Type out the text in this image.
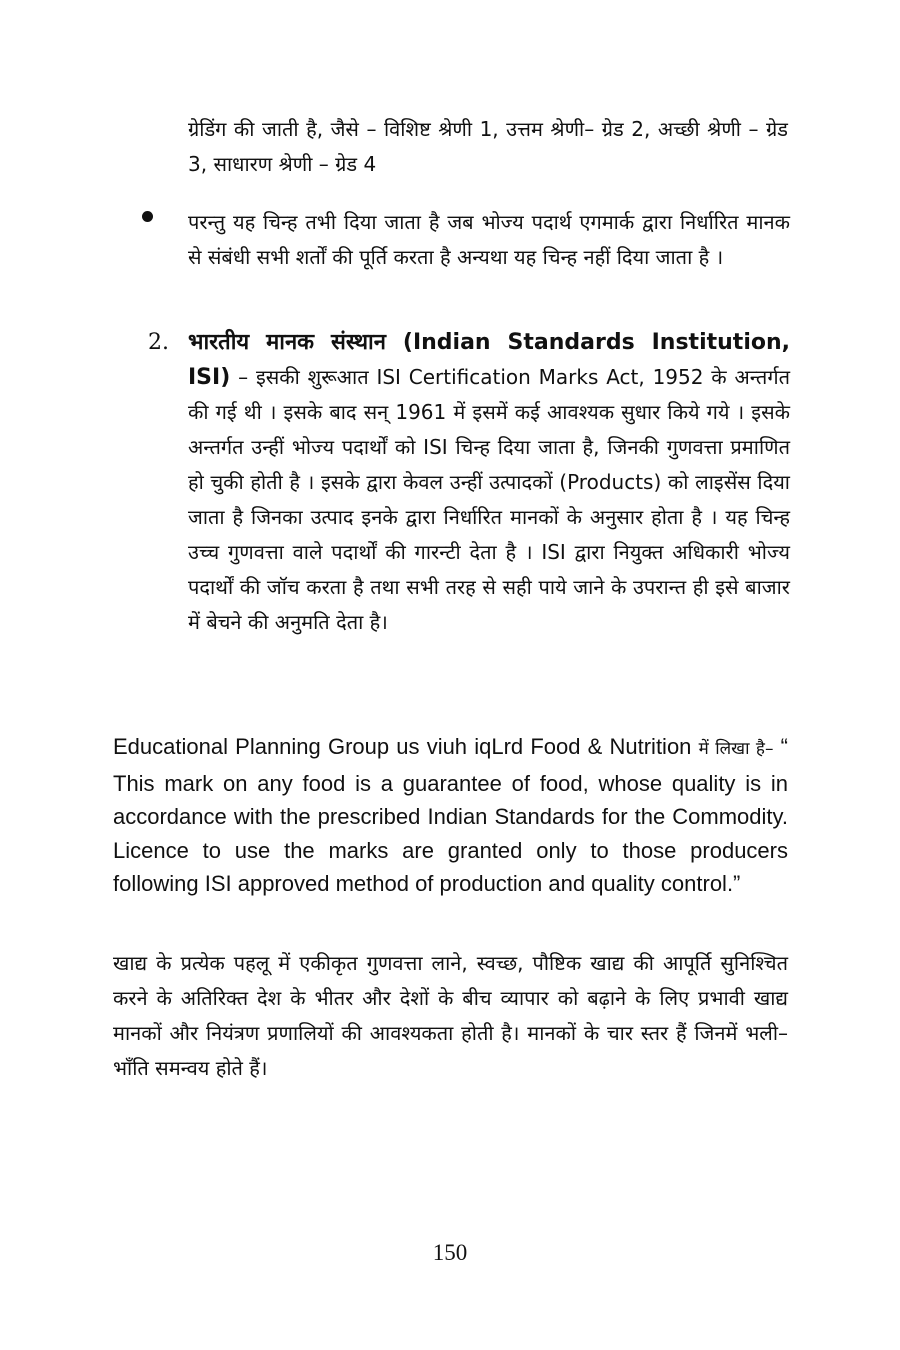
ग्रेडिंग की जाती है, जैसे – विशिष्ट श्रेणी 1, उत्तम श्रेणी– ग्रेड 2, अच्छी श्रेणी – ग्रेड 3, साधारण श्रेणी – ग्रेड 4

परन्तु यह चिन्ह तभी दिया जाता है जब भोज्य पदार्थ एगमार्क द्वारा निर्धारित मानक से संबंधी सभी शर्तों की पूर्ति करता है अन्यथा यह चिन्ह नहीं दिया जाता है ।

2. भारतीय मानक संस्थान (Indian Standards Institution, ISI) – इसकी शुरूआत ISI Certification Marks Act, 1952 के अन्तर्गत की गई थी । इसके बाद सन् 1961 में इसमें कई आवश्यक सुधार किये गये । इसके अन्तर्गत उन्हीं भोज्य पदार्थों को ISI चिन्ह दिया जाता है, जिनकी गुणवत्ता प्रमाणित हो चुकी होती है । इसके द्वारा केवल उन्हीं उत्पादकों (Products) को लाइसेंस दिया जाता है जिनका उत्पाद इनके द्वारा निर्धारित मानकों के अनुसार होता है । यह चिन्ह उच्च गुणवत्ता वाले पदार्थों की गारन्टी देता है । ISI द्वारा नियुक्त अधिकारी भोज्य पदार्थों की जॉच करता है तथा सभी तरह से सही पाये जाने के उपरान्त ही इसे बाजार में बेचने की अनुमति देता है।

Educational Planning Group us viuh iqLrd Food & Nutrition में लिखा है– “ This mark on any food is a guarantee of food, whose quality is in accordance with the prescribed Indian Standards for the Commodity. Licence to use the marks are granted only to those producers following ISI approved method of production and quality control.”

खाद्य के प्रत्येक पहलू में एकीकृत गुणवत्ता लाने, स्वच्छ, पौष्टिक खाद्य की आपूर्ति सुनिश्चित करने के अतिरिक्त देश के भीतर और देशों के बीच व्यापार को बढ़ाने के लिए प्रभावी खाद्य मानकों और नियंत्रण प्रणालियों की आवश्यकता होती है। मानकों के चार स्तर हैं जिनमें भली–भाँति समन्वय होते हैं।

150
